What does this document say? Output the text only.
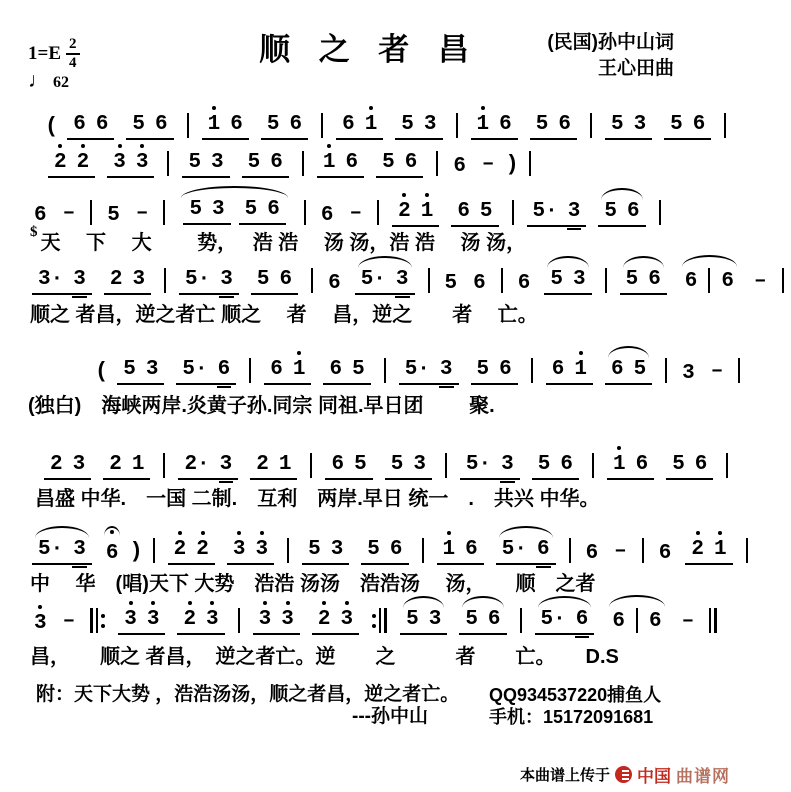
$1=E \frac{2}{4}$
♩ 62
顺 之 者 昌	(民国)孙中山词
王心田曲
( 6 6 5 6 1 6 5 6 6 1 5 3 1 6 5 6 5 3 5 6
2 2 3 3 5 3 5 6 1 6 5 6 6 – )
6 – 5 – 5 3 5 6 6 – 2 1 6 5 5· 3 5 6
$ 天　 下　 大　　 势，　 浩 浩　 汤 汤，浩 浩　 汤 汤，
3· 3 2 3 5· 3 5 6 6 5· 3 5 6 6 5 3 5 6 6 6 –
顺之 者昌，逆之者亡 顺之　 者　 昌，逆之　　者　 亡。
( 5 3 5· 6 6 1 6 5 5· 3 5 6 6 1 6 5 3 –
(独白)　海峡两岸.炎黄子孙.同宗 同祖.早日团　　 聚.
2 3 2 1 2· 3 2 1 6 5 5 3 5· 3 5 6 1 6 5 6
昌盛 中华.　一国 二制.　互利　两岸.早日 统一　.　共兴 中华。
5· 3 6 ) 2 2 3 3 5 3 5 6 1 6 5· 6 6 – 6 2 1
中　 华　(唱)天下 大势　浩浩 汤汤　浩浩汤　 汤，　　顺　之者
3 – 3 3 2 3 3 3 2 3	5 3 5 6 5· 6 6 6 –
昌，　　顺之 者昌，　逆之者亡。逆　　之　　　者　　亡。　　D.S
附：天下大势 ，浩浩汤汤，顺之者昌，逆之者亡。
---孙中山
QQ934537220捕鱼人
手机：15172091681
本曲谱上传于 中国 曲谱网
